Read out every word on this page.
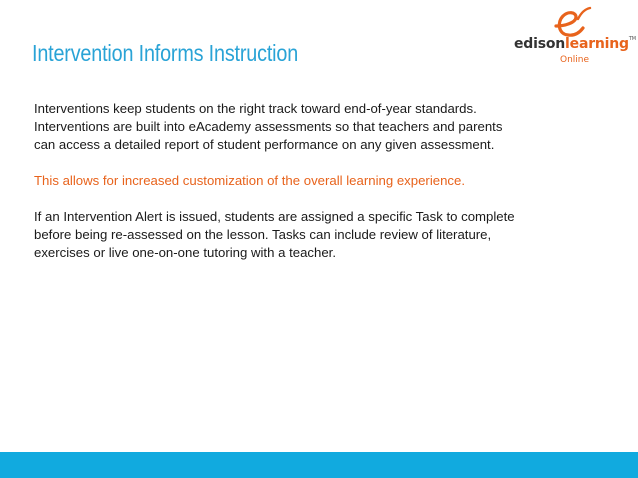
Intervention Informs Instruction	edisonlearning™
Online

Interventions keep students on the right track toward end-of-year standards.
Interventions are built into eAcademy assessments so that teachers and parents
can access a detailed report of student performance on any given assessment.

This allows for increased customization of the overall learning experience.

If an Intervention Alert is issued, students are assigned a specific Task to complete
before being re-assessed on the lesson. Tasks can include review of literature,
exercises or live one-on-one tutoring with a teacher.
